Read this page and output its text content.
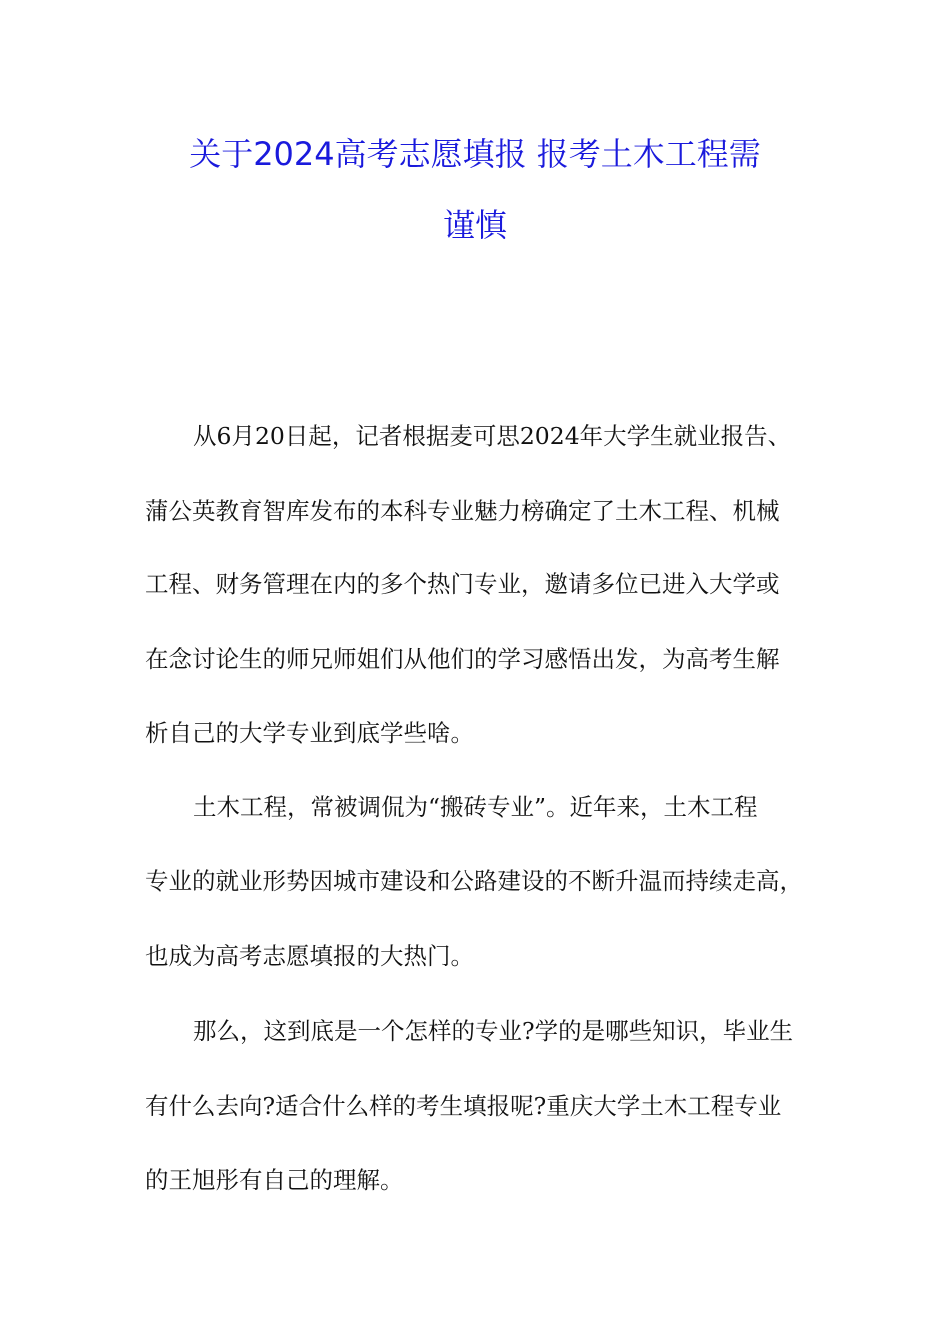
关于2024高考志愿填报 报考土木工程需
谨慎
从6月20日起，记者根据麦可思2024年大学生就业报告、
蒲公英教育智库发布的本科专业魅力榜确定了土木工程、机械
工程、财务管理在内的多个热门专业，邀请多位已进入大学或
在念讨论生的师兄师姐们从他们的学习感悟出发，为高考生解
析自己的大学专业到底学些啥。
土木工程，常被调侃为“搬砖专业”。近年来，土木工程
专业的就业形势因城市建设和公路建设的不断升温而持续走高，
也成为高考志愿填报的大热门。
那么，这到底是一个怎样的专业?学的是哪些知识，毕业生
有什么去向?适合什么样的考生填报呢?重庆大学土木工程专业
的王旭彤有自己的理解。
